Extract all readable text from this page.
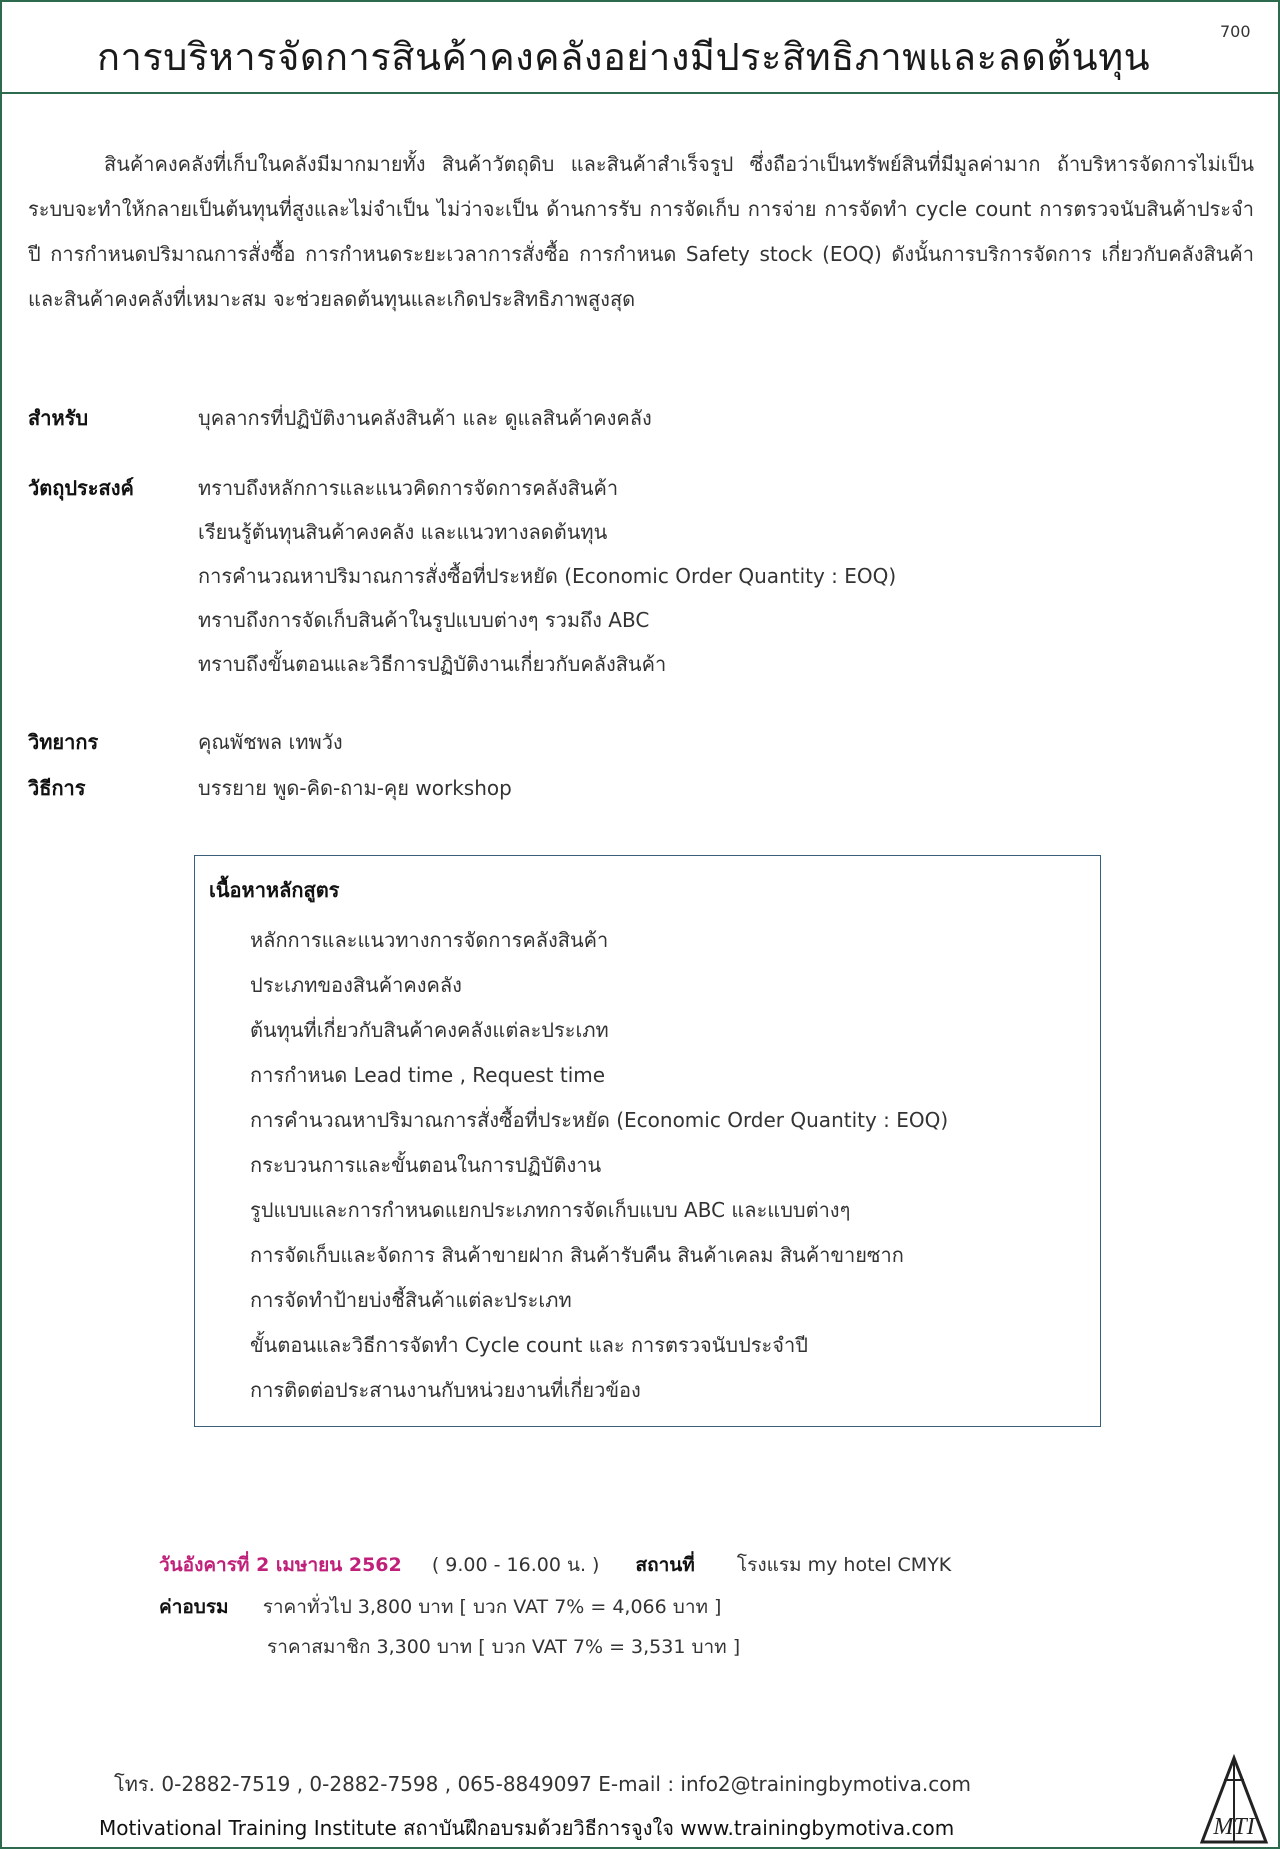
การบริหารจัดการสินค้าคงคลังอย่างมีประสิทธิภาพและลดต้นทุน
700
สินค้าคงคลังที่เก็บในคลังมีมากมายทั้ง สินค้าวัตถุดิบ และสินค้าสำเร็จรูป ซึ่งถือว่าเป็นทรัพย์สินที่มีมูลค่ามาก ถ้าบริหารจัดการไม่เป็นระบบจะทำให้กลายเป็นต้นทุนที่สูงและไม่จำเป็น ไม่ว่าจะเป็น ด้านการรับ การจัดเก็บ การจ่าย การจัดทำ cycle count การตรวจนับสินค้าประจำปี การกำหนดปริมาณการสั่งซื้อ การกำหนดระยะเวลาการสั่งซื้อ การกำหนด Safety stock (EOQ) ดังนั้นการบริการจัดการ เกี่ยวกับคลังสินค้าและสินค้าคงคลังที่เหมาะสม จะช่วยลดต้นทุนและเกิดประสิทธิภาพสูงสุด
สำหรับ	บุคลากรที่ปฏิบัติงานคลังสินค้า และ ดูแลสินค้าคงคลัง
วัตถุประสงค์	ทราบถึงหลักการและแนวคิดการจัดการคลังสินค้า
เรียนรู้ต้นทุนสินค้าคงคลัง และแนวทางลดต้นทุน
การคำนวณหาปริมาณการสั่งซื้อที่ประหยัด (Economic Order Quantity : EOQ)
ทราบถึงการจัดเก็บสินค้าในรูปแบบต่างๆ รวมถึง ABC
ทราบถึงขั้นตอนและวิธีการปฏิบัติงานเกี่ยวกับคลังสินค้า
วิทยากร	คุณพัชพล เทพวัง
วิธีการ	บรรยาย พูด-คิด-ถาม-คุย workshop
เนื้อหาหลักสูตร
หลักการและแนวทางการจัดการคลังสินค้า
ประเภทของสินค้าคงคลัง
ต้นทุนที่เกี่ยวกับสินค้าคงคลังแต่ละประเภท
การกำหนด Lead time , Request time
การคำนวณหาปริมาณการสั่งซื้อที่ประหยัด (Economic Order Quantity : EOQ)
กระบวนการและขั้นตอนในการปฏิบัติงาน
รูปแบบและการกำหนดแยกประเภทการจัดเก็บแบบ ABC และแบบต่างๆ
การจัดเก็บและจัดการ สินค้าขายฝาก สินค้ารับคืน สินค้าเคลม สินค้าขายซาก
การจัดทำป้ายบ่งชี้สินค้าแต่ละประเภท
ขั้นตอนและวิธีการจัดทำ Cycle count และ การตรวจนับประจำปี
การติดต่อประสานงานกับหน่วยงานที่เกี่ยวข้อง
วันอังคารที่ 2 เมษายน 2562 ( 9.00 - 16.00 น. ) สถานที่ โรงแรม my hotel CMYK
ค่าอบรม ราคาทั่วไป 3,800 บาท [ บวก VAT 7% = 4,066 บาท ]
ราคาสมาชิก 3,300 บาท [ บวก VAT 7% = 3,531 บาท ]
โทร. 0-2882-7519 , 0-2882-7598 , 065-8849097 E-mail : info2@trainingbymotiva.com
Motivational Training Institute สถาบันฝึกอบรมด้วยวิธีการจูงใจ www.trainingbymotiva.com	MTI
